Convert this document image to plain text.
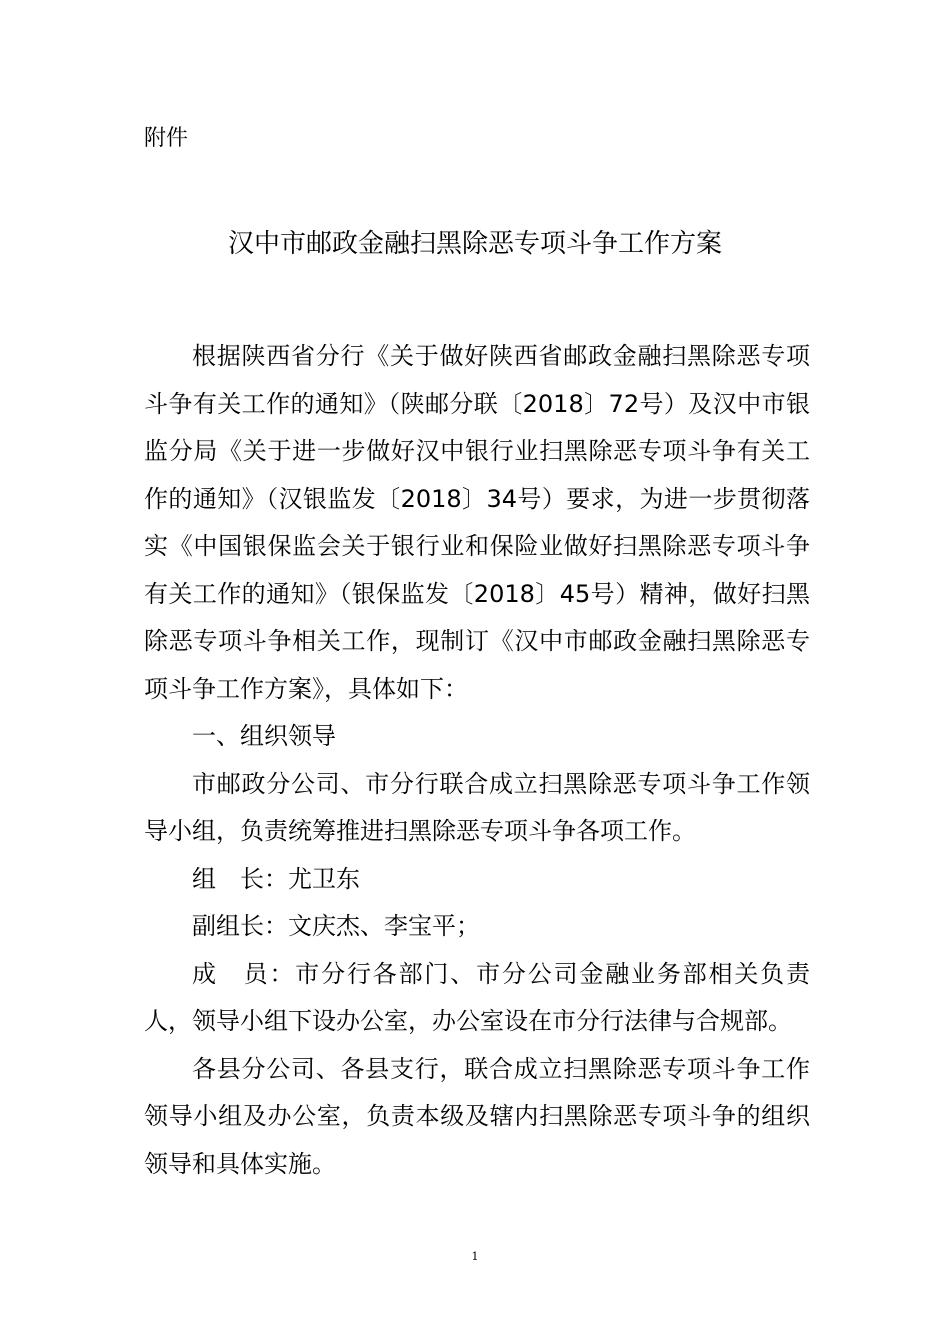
附件
汉中市邮政金融扫黑除恶专项斗争工作方案

根据陕西省分行《关于做好陕西省邮政金融扫黑除恶专项斗争有关工作的通知》（陕邮分联〔2018〕72号）及汉中市银监分局《关于进一步做好汉中银行业扫黑除恶专项斗争有关工作的通知》（汉银监发〔2018〕34号）要求，为进一步贯彻落实《中国银保监会关于银行业和保险业做好扫黑除恶专项斗争有关工作的通知》（银保监发〔2018〕45号）精神，做好扫黑除恶专项斗争相关工作，现制订《汉中市邮政金融扫黑除恶专项斗争工作方案》，具体如下：

一、组织领导

市邮政分公司、市分行联合成立扫黑除恶专项斗争工作领导小组，负责统筹推进扫黑除恶专项斗争各项工作。

组　长：尤卫东

副组长：文庆杰、李宝平；

成　员：市分行各部门、市分公司金融业务部相关负责人，领导小组下设办公室，办公室设在市分行法律与合规部。

各县分公司、各县支行，联合成立扫黑除恶专项斗争工作领导小组及办公室，负责本级及辖内扫黑除恶专项斗争的组织领导和具体实施。

1
